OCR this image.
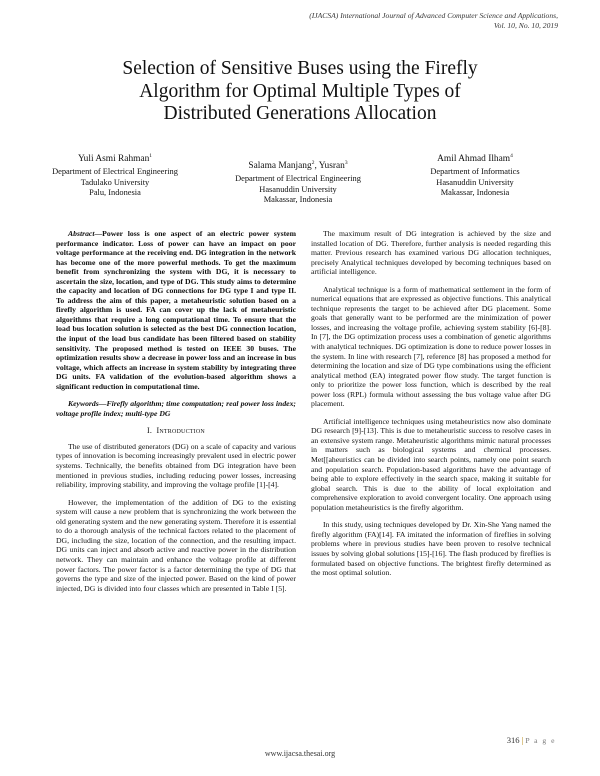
(IJACSA) International Journal of Advanced Computer Science and Applications,
Vol. 10, No. 10, 2019
Selection of Sensitive Buses using the Firefly
Algorithm for Optimal Multiple Types of
Distributed Generations Allocation
Yuli Asmi Rahman$^1$
Department of Electrical Engineering
Tadulako University
Palu, Indonesia
Salama Manjang$^2$, Yusran$^3$
Department of Electrical Engineering
Hasanuddin University
Makassar, Indonesia
Amil Ahmad Ilham$^4$
Department of Informatics
Hasanuddin University
Makassar, Indonesia

Abstract—Power loss is one aspect of an electric power system performance indicator. Loss of power can have an impact on poor voltage performance at the receiving end. DG integration in the network has become one of the more powerful methods. To get the maximum benefit from synchronizing the system with DG, it is necessary to ascertain the size, location, and type of DG. This study aims to determine the capacity and location of DG connections for DG type I and type II. To address the aim of this paper, a metaheuristic solution based on a firefly algorithm is used. FA can cover up the lack of metaheuristic algorithms that require a long computational time. To ensure that the load bus location solution is selected as the best DG connection location, the input of the load bus candidate has been filtered based on stability sensitivity. The proposed method is tested on IEEE 30 buses. The optimization results show a decrease in power loss and an increase in bus voltage, which affects an increase in system stability by integrating three DG units. FA validation of the evolution-based algorithm shows a significant reduction in computational time.

Keywords—Firefly algorithm; time computation; real power loss index; voltage profile index; multi-type DG

I. Introduction

The use of distributed generators (DG) on a scale of capacity and various types of innovation is becoming increasingly prevalent used in electric power systems. Technically, the benefits obtained from DG integration have been mentioned in previous studies, including reducing power losses, increasing reliability, improving stability, and improving the voltage profile [1]-[4].

However, the implementation of the addition of DG to the existing system will cause a new problem that is synchronizing the work between the old generating system and the new generating system. Therefore it is essential to do a thorough analysis of the technical factors related to the placement of DG, including the size, location of the connection, and the resulting impact. DG units can inject and absorb active and reactive power in the distribution network. They can maintain and enhance the voltage profile at different power factors. The power factor is a factor determining the type of DG that governs the type and size of the injected power. Based on the kind of power injected, DG is divided into four classes which are presented in Table I [5].

The maximum result of DG integration is achieved by the size and installed location of DG. Therefore, further analysis is needed regarding this matter. Previous research has examined various DG allocation techniques, precisely Analytical techniques developed by becoming techniques based on artificial intelligence.

Analytical technique is a form of mathematical settlement in the form of numerical equations that are expressed as objective functions. This analytical technique represents the target to be achieved after DG placement. Some goals that generally want to be performed are the minimization of power losses, and increasing the voltage profile, achieving system stability [6]-[8]. In [7], the DG optimization process uses a combination of genetic algorithms with analytical techniques. DG optimization is done to reduce power losses in the system. In line with research [7], reference [8] has proposed a method for determining the location and size of DG type combinations using the efficient analytical method (EA) integrated power flow study. The target function is only to prioritize the power loss function, which is described by the real power loss (RPL) formula without assessing the bus voltage value after DG placement.

Artificial intelligence techniques using metaheuristics now also dominate DG research [9]-[13]. This is due to metaheuristic success to resolve cases in an extensive system range. Metaheuristic algorithms mimic natural processes in matters such as biological systems and chemical processes. Met[[aheuristics can be divided into search points, namely one point search and population search. Population-based algorithms have the advantage of being able to explore effectively in the search space, making it suitable for global search. This is due to the ability of local exploitation and comprehensive exploration to avoid convergent locality. One approach using population metaheuristics is the firefly algorithm.

In this study, using techniques developed by Dr. Xin-She Yang named the firefly algorithm (FA)[14]. FA imitated the information of fireflies in solving problems where in previous studies have been proven to resolve technical issues by solving global solutions [15]-[16]. The flash produced by fireflies is formulated based on objective functions. The brightest firefly determined as the most optimal solution.

316 | P a g e
www.ijacsa.thesai.org
